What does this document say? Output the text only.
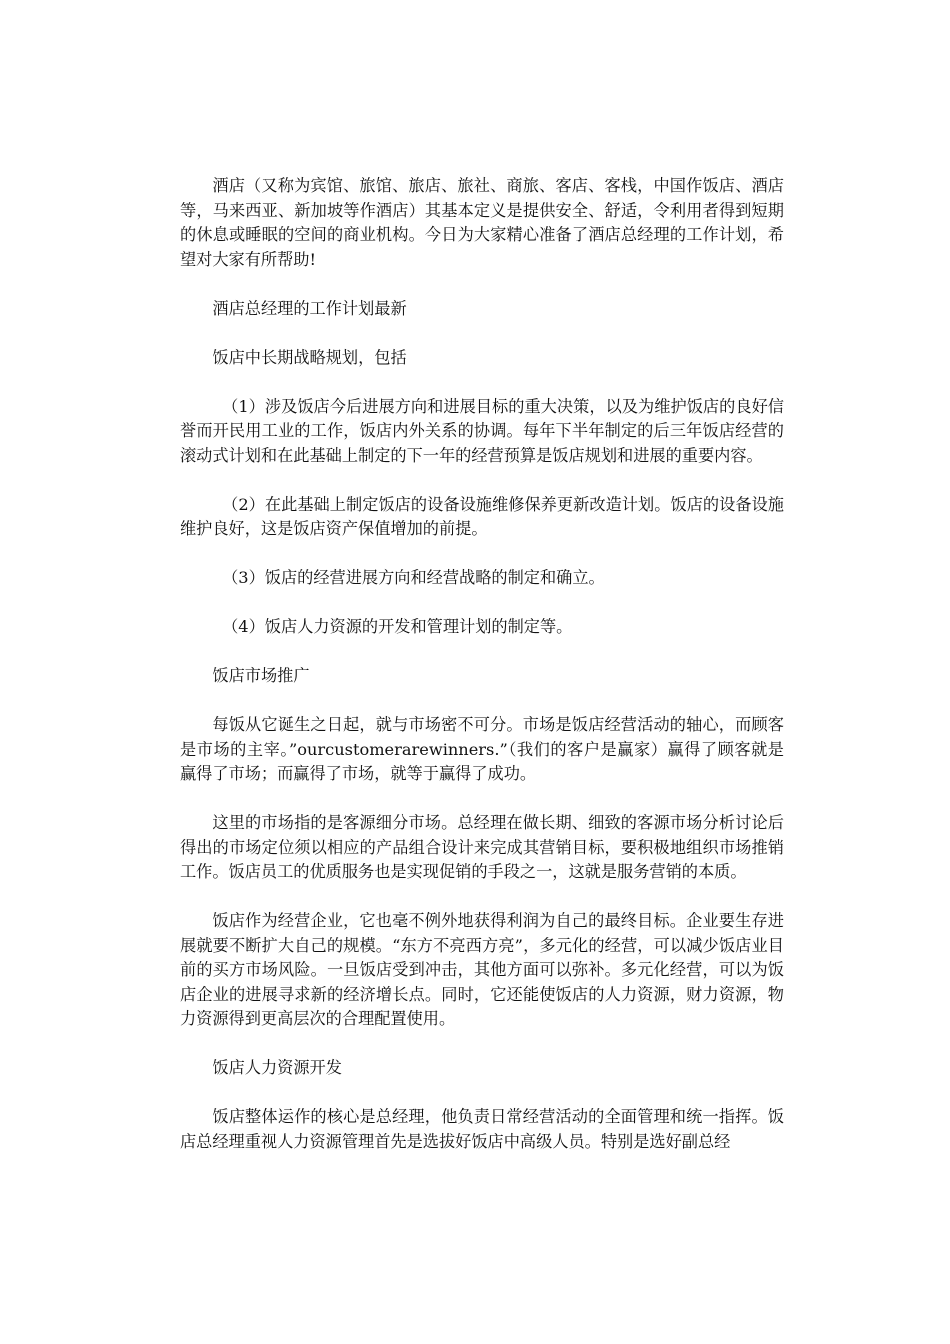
酒店（又称为宾馆、旅馆、旅店、旅社、商旅、客店、客栈，中国作饭店、酒店等，马来西亚、新加坡等作酒店）其基本定义是提供安全、舒适，令利用者得到短期的休息或睡眠的空间的商业机构。今日为大家精心准备了酒店总经理的工作计划，希望对大家有所帮助!

酒店总经理的工作计划最新

饭店中长期战略规划，包括

（1）涉及饭店今后进展方向和进展目标的重大决策，以及为维护饭店的良好信誉而开民用工业的工作，饭店内外关系的协调。每年下半年制定的后三年饭店经营的滚动式计划和在此基础上制定的下一年的经营预算是饭店规划和进展的重要内容。

（2）在此基础上制定饭店的设备设施维修保养更新改造计划。饭店的设备设施维护良好，这是饭店资产保值增加的前提。

（3）饭店的经营进展方向和经营战略的制定和确立。

（4）饭店人力资源的开发和管理计划的制定等。

饭店市场推广

每饭从它诞生之日起，就与市场密不可分。市场是饭店经营活动的轴心，而顾客是市场的主宰。”ourcustomerarewinners.”（我们的客户是赢家）赢得了顾客就是赢得了市场；而赢得了市场，就等于赢得了成功。

这里的市场指的是客源细分市场。总经理在做长期、细致的客源市场分析讨论后得出的市场定位须以相应的产品组合设计来完成其营销目标，要积极地组织市场推销工作。饭店员工的优质服务也是实现促销的手段之一，这就是服务营销的本质。

饭店作为经营企业，它也毫不例外地获得利润为自己的最终目标。企业要生存进展就要不断扩大自己的规模。“东方不亮西方亮”，多元化的经营，可以减少饭店业目前的买方市场风险。一旦饭店受到冲击，其他方面可以弥补。多元化经营，可以为饭店企业的进展寻求新的经济增长点。同时，它还能使饭店的人力资源，财力资源，物力资源得到更高层次的合理配置使用。

饭店人力资源开发

饭店整体运作的核心是总经理，他负责日常经营活动的全面管理和统一指挥。饭店总经理重视人力资源管理首先是选拔好饭店中高级人员。特别是选好副总经
